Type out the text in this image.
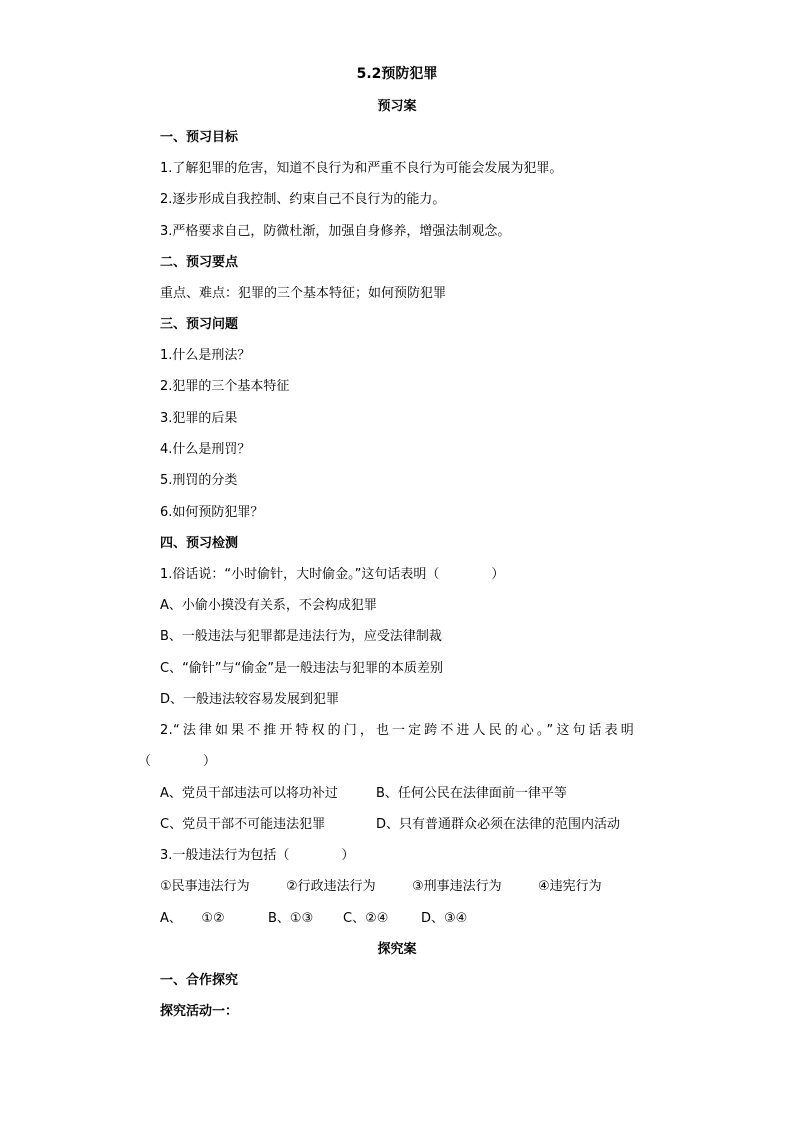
5.2预防犯罪
预习案
一、预习目标
1.了解犯罪的危害，知道不良行为和严重不良行为可能会发展为犯罪。
2.逐步形成自我控制、约束自己不良行为的能力。
3.严格要求自己，防微杜渐，加强自身修养，增强法制观念。
二、预习要点
重点、难点：犯罪的三个基本特征；如何预防犯罪
三、预习问题
1.什么是刑法？
2.犯罪的三个基本特征
3.犯罪的后果
4.什么是刑罚？
5.刑罚的分类
6.如何预防犯罪？
四、预习检测
1.俗话说：“小时偷针，大时偷金。”这句话表明（　　　　）
A、小偷小摸没有关系，不会构成犯罪
B、一般违法与犯罪都是违法行为，应受法律制裁
C、“偷针”与“偷金”是一般违法与犯罪的本质差别
D、一般违法较容易发展到犯罪
2.“法律如果不推开特权的门，也一定跨不进人民的心。”这句话表明
（　　　　）
A、党员干部违法可以将功补过	B、任何公民在法律面前一律平等
C、党员干部不可能违法犯罪	D、只有普通群众必须在法律的范围内活动
3.一般违法行为包括（　　　　）
①民事违法行为	②行政违法行为	③刑事违法行为	④违宪行为
A、　　①②	B、①③ C、②④	D、③④
探究案
一、合作探究
探究活动一：
